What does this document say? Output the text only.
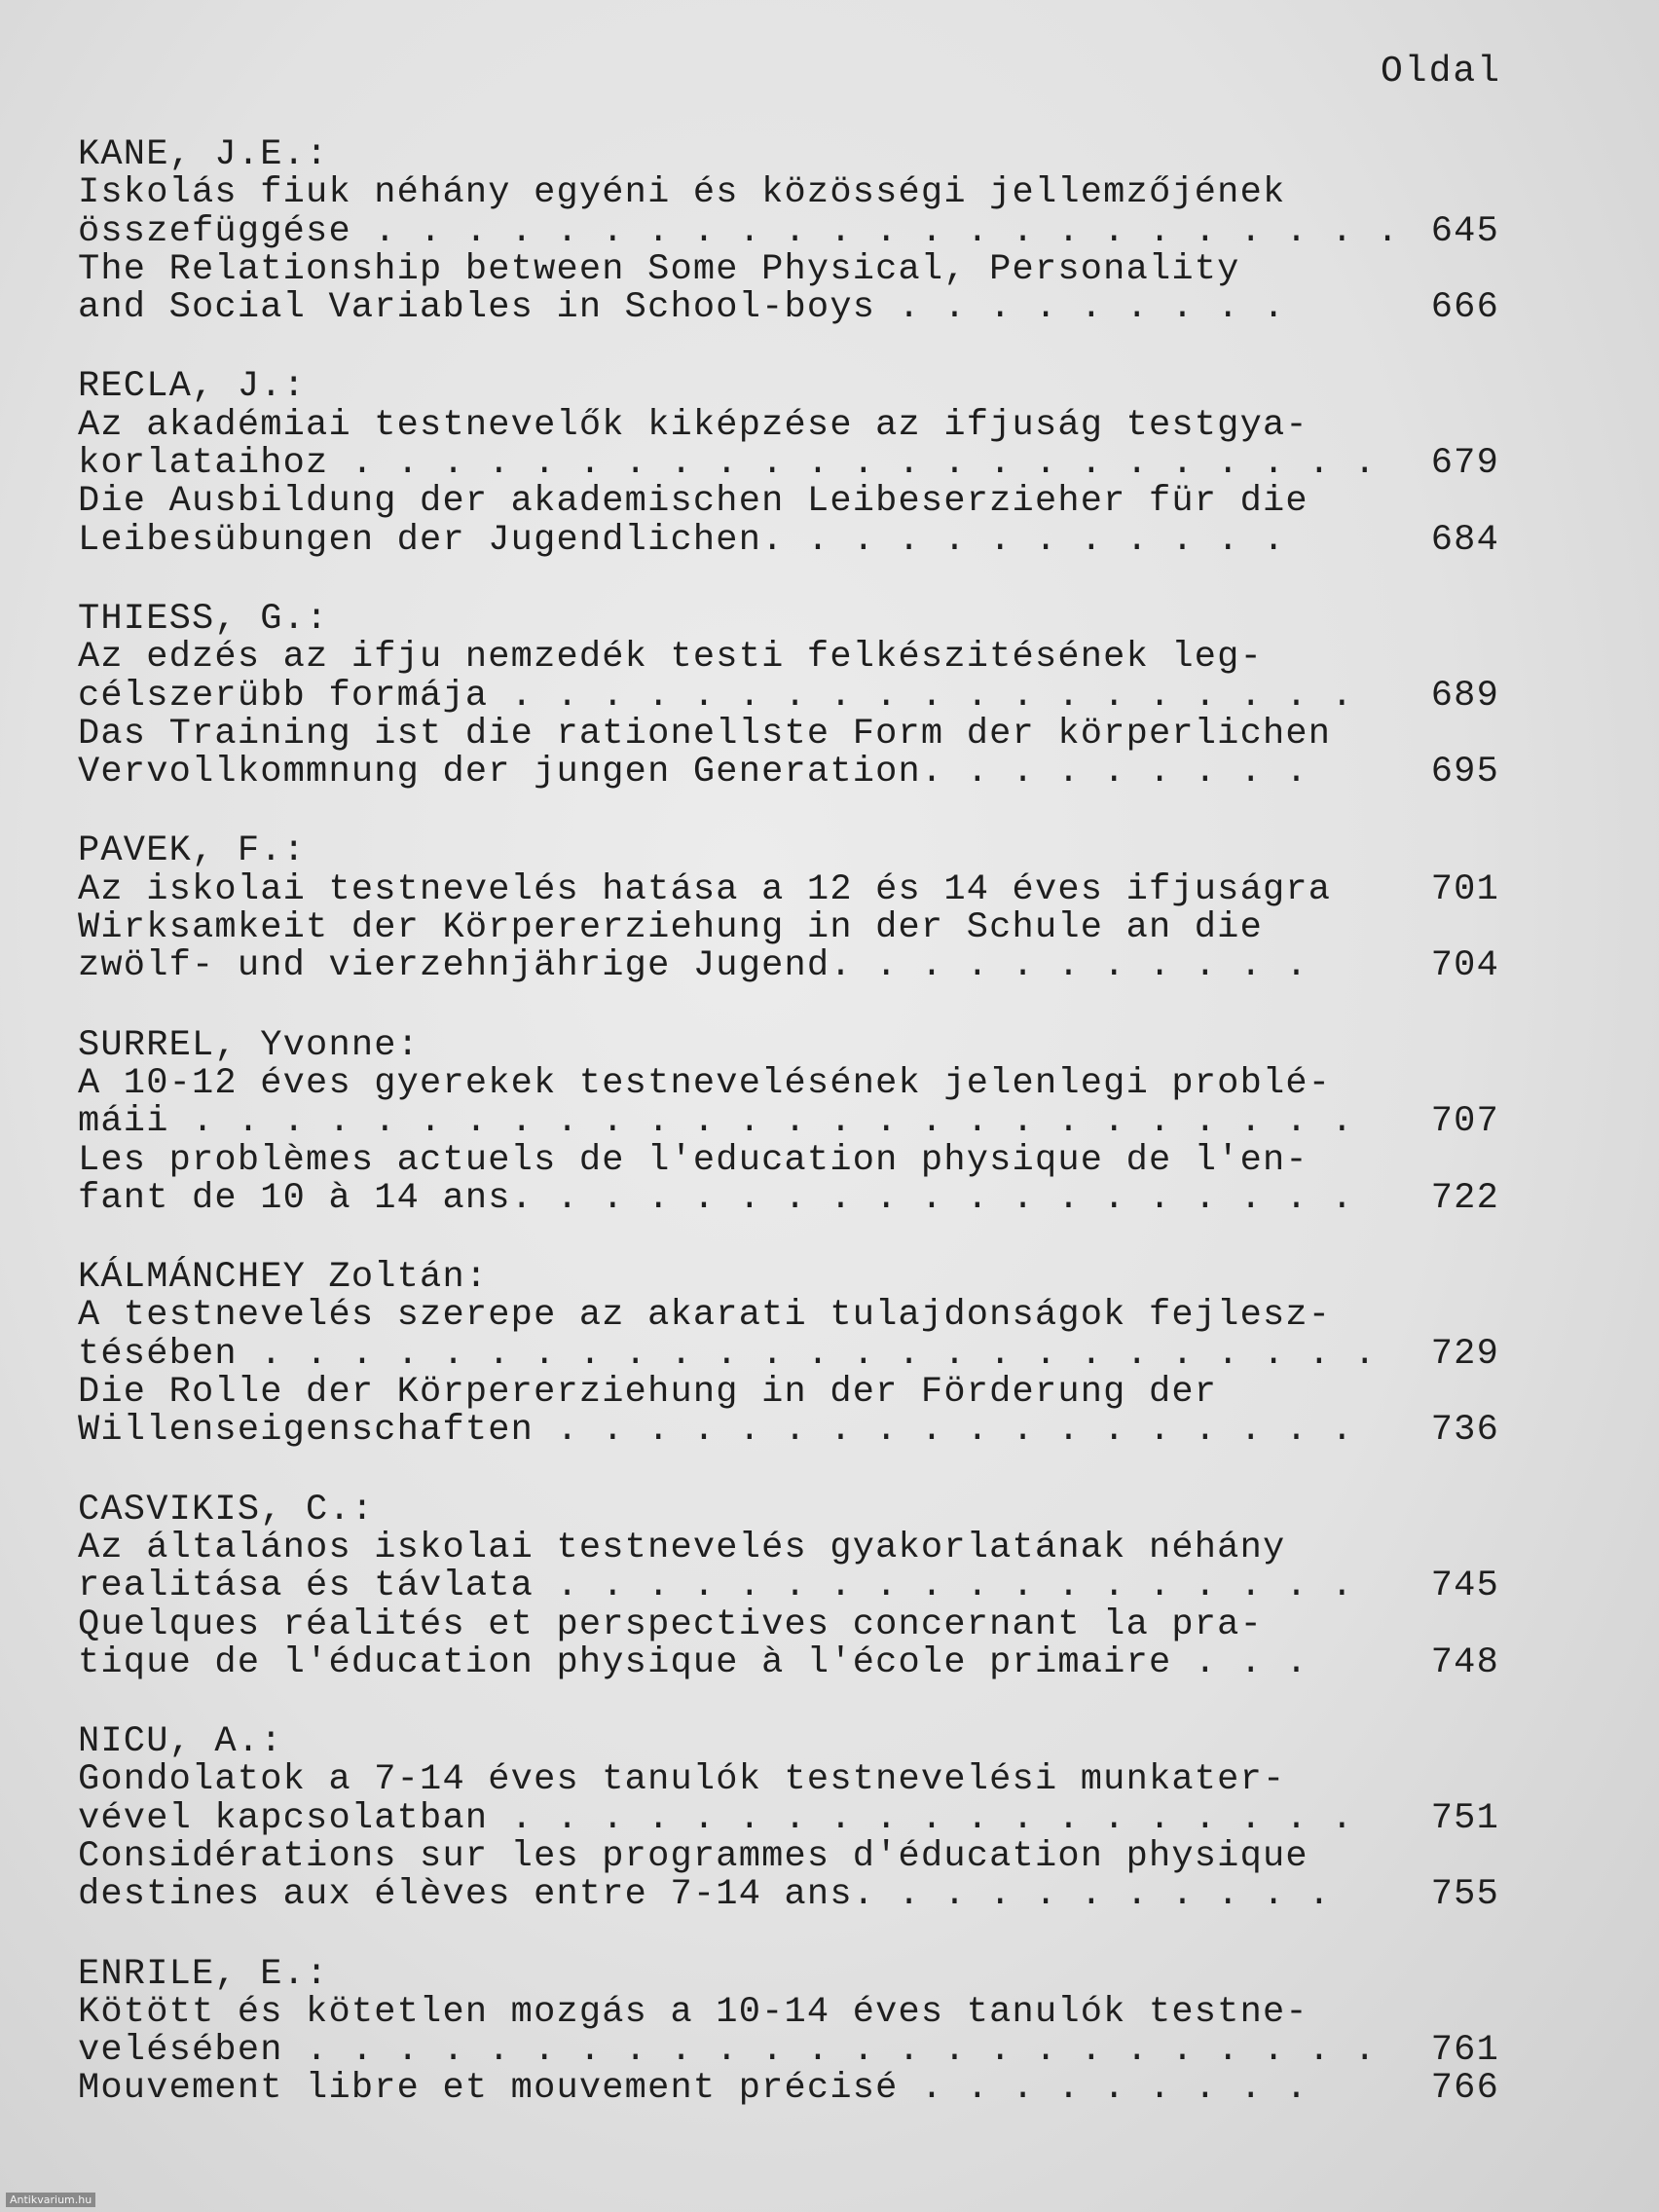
Oldal
KANE, J.E.:
Iskolás fiuk néhány egyéni és közösségi jellemzőjének
összefüggése . . . . . . . . . . . . . . . . . . . . . . . 645
The Relationship between Some Physical, Personality
and Social Variables in School-boys . . . . . . . . .	666
RECLA, J.:
Az akadémiai testnevelők kiképzése az ifjuság testgya-
korlataihoz . . . . . . . . . . . . . . . . . . . . . . .	679
Die Ausbildung der akademischen Leibeserzieher für die
Leibesübungen der Jugendlichen. . . . . . . . . . . .	684
THIESS, G.:
Az edzés az ifju nemzedék testi felkészitésének leg-
célszerübb formája . . . . . . . . . . . . . . . . . . .	689
Das Training ist die rationellste Form der körperlichen
Vervollkommnung der jungen Generation. . . . . . . . .	695
PAVEK, F.:
Az iskolai testnevelés hatása a 12 és 14 éves ifjuságra	701
Wirksamkeit der Körpererziehung in der Schule an die
zwölf- und vierzehnjährige Jugend. . . . . . . . . . .	704
SURREL, Yvonne:
A 10-12 éves gyerekek testnevelésének jelenlegi problé-
máii . . . . . . . . . . . . . . . . . . . . . . . . . .	707
Les problèmes actuels de l'education physique de l'en-
fant de 10 à 14 ans. . . . . . . . . . . . . . . . . . .	722
KÁLMÁNCHEY Zoltán:
A testnevelés szerepe az akarati tulajdonságok fejlesz-
tésében . . . . . . . . . . . . . . . . . . . . . . . . .	729
Die Rolle der Körpererziehung in der Förderung der
Willenseigenschaften . . . . . . . . . . . . . . . . . .	736
CASVIKIS, C.:
Az általános iskolai testnevelés gyakorlatának néhány
realitása és távlata . . . . . . . . . . . . . . . . . .	745
Quelques réalités et perspectives concernant la pra-
tique de l'éducation physique à l'école primaire . . .	748
NICU, A.:
Gondolatok a 7-14 éves tanulók testnevelési munkater-
vével kapcsolatban . . . . . . . . . . . . . . . . . . .	751
Considérations sur les programmes d'éducation physique
destines aux élèves entre 7-14 ans. . . . . . . . . . .	755
ENRILE, E.:
Kötött és kötetlen mozgás a 10-14 éves tanulók testne-
velésében . . . . . . . . . . . . . . . . . . . . . . . .	761
Mouvement libre et mouvement précisé . . . . . . . . .	766
Antikvarium.hu
